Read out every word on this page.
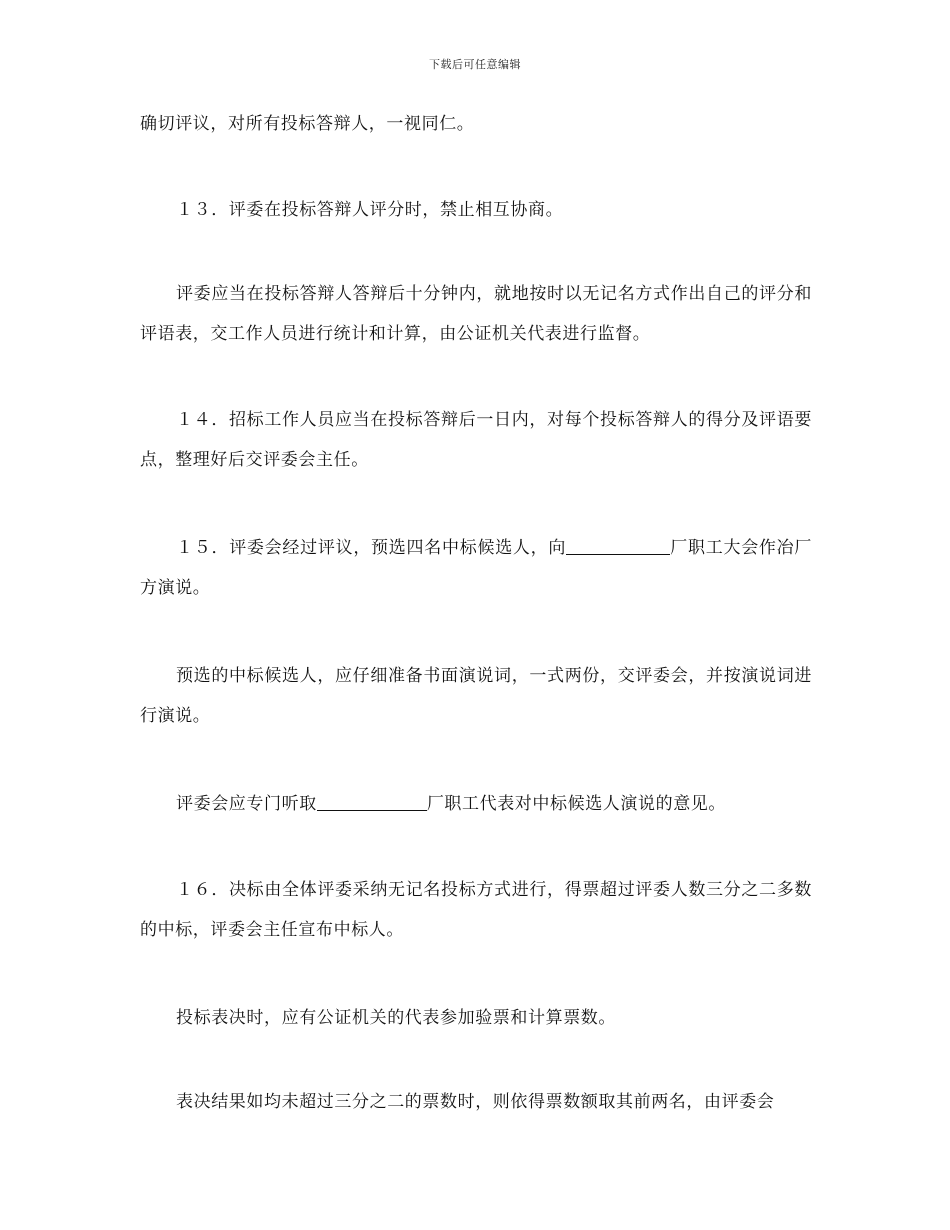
下载后可任意编辑

确切评议，对所有投标答辩人，一视同仁。

１３．评委在投标答辩人评分时，禁止相互协商。

评委应当在投标答辩人答辩后十分钟内，就地按时以无记名方式作出自己的评分和评语表，交工作人员进行统计和计算，由公证机关代表进行监督。

１４．招标工作人员应当在投标答辩后一日内，对每个投标答辩人的得分及评语要点，整理好后交评委会主任。

１５．评委会经过评议，预选四名中标候选人，向	厂职工大会作冶厂方演说。

预选的中标候选人，应仔细准备书面演说词，一式两份，交评委会，并按演说词进行演说。

评委会应专门听取	厂职工代表对中标候选人演说的意见。

１６．决标由全体评委采纳无记名投标方式进行，得票超过评委人数三分之二多数的中标，评委会主任宣布中标人。

投标表决时，应有公证机关的代表参加验票和计算票数。

表决结果如均未超过三分之二的票数时，则依得票数额取其前两名，由评委会
